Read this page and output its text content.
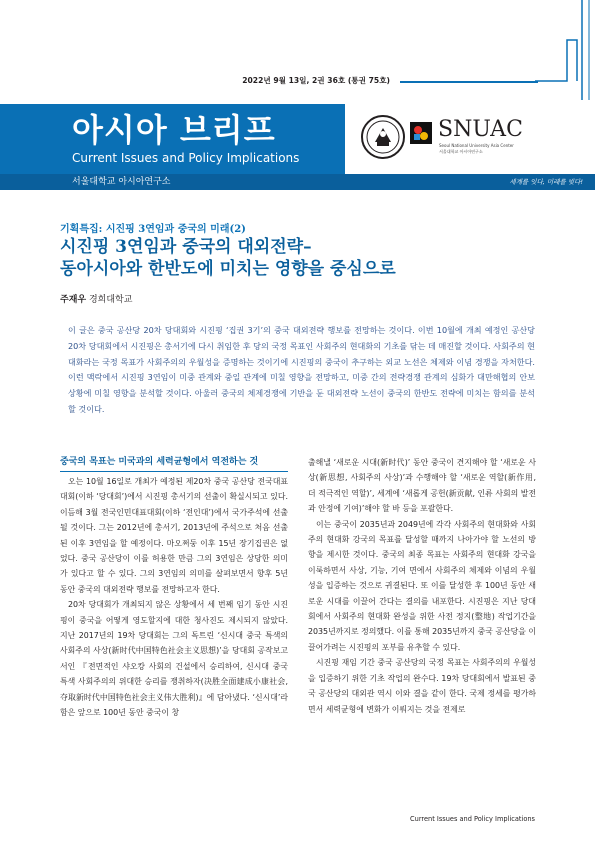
2022년 9월 13일, 2권 36호 (통권 75호)
아시아 브리프
Current Issues and Policy Implications
SNUAC
Seoul National University Asia Center
서울대학교 아시아연구소
서울대학교 아시아연구소	세계를 잇다, 미래를 빚다!
기획특집: 시진핑 3연임과 중국의 미래(2)
시진핑 3연임과 중국의 대외전략–
동아시아와 한반도에 미치는 영향을 중심으로
주재우 경희대학교
이 글은 중국 공산당 20차 당대회와 시진핑 ‘집권 3기’의 중국 대외전략 행보를 전망하는 것이다. 이번 10월에 개최 예정인 공산당 20차 당대회에서 시진핑은 총서기에 다시 취임한 후 당의 국정 목표인 사회주의 현대화의 기초를 닦는 데 매진할 것이다. 사회주의 현대화라는 국정 목표가 사회주의의 우월성을 증명하는 것이기에 시진핑의 중국이 추구하는 외교 노선은 체제와 이념 경쟁을 자처한다. 이런 맥락에서 시진핑 3연임이 미중 관계와 중일 관계에 미칠 영향을 전망하고, 미중 간의 전략경쟁 관계의 심화가 대만해협의 안보 상황에 미칠 영향을 분석할 것이다. 아울러 중국의 체제경쟁에 기반을 둔 대외전략 노선이 중국의 한반도 전략에 미치는 함의를 분석할 것이다.
중국의 목표는 미국과의 세력균형에서 역전하는 것

오는 10월 16일로 개최가 예정된 제20차 중국 공산당 전국대표대회(이하 ‘당대회’)에서 시진핑 총서기의 선출이 확실시되고 있다. 이듬해 3월 전국인민대표대회(이하 ‘전인대’)에서 국가주석에 선출될 것이다. 그는 2012년에 총서기, 2013년에 주석으로 처음 선출된 이후 3연임을 할 예정이다. 마오쩌둥 이후 15년 장기집권은 없었다. 중국 공산당이 이를 허용한 만큼 그의 3연임은 상당한 의미가 있다고 할 수 있다. 그의 3연임의 의미를 살펴보면서 향후 5년 동안 중국의 대외전략 행보를 전망하고자 한다.

20차 당대회가 개최되지 않은 상황에서 세 번째 임기 동안 시진핑이 중국을 어떻게 영도할지에 대한 청사진도 제시되지 않았다. 지난 2017년의 19차 당대회는 그의 독트린 ‘신시대 중국 특색의 사회주의 사상(新时代中国特色社会主义思想)’을 당대회 공작보고서인 『전면적인 샤오캉 사회의 건설에서 승리하여, 신시대 중국 특색 사회주의의 위대한 승리를 쟁취하자(决胜全面建成小康社会, 夺取新时代中国特色社会主义伟大胜利)』에 담아냈다. ‘신시대’라 함은 앞으로 100년 동안 중국이 창

출해낼 ‘새로운 시대(新时代)’ 동안 중국이 견지해야 할 ‘새로운 사상(新思想, 사회주의 사상)’과 수행해야 할 ‘새로운 역할(新作用, 더 적극적인 역할)’, 세계에 ‘새롭게 공헌(新贡献, 인류 사회의 발전과 안정에 기여)’해야 할 바 등을 포괄한다.

이는 중국이 2035년과 2049년에 각각 사회주의 현대화와 사회주의 현대화 강국의 목표를 달성할 때까지 나아가야 할 노선의 방향을 제시한 것이다. 중국의 최종 목표는 사회주의 현대화 강국을 이룩하면서 사상, 기능, 기여 면에서 사회주의 체제와 이념의 우월성을 입증하는 것으로 귀결된다. 또 이를 달성한 후 100년 동안 새로운 시대를 이끌어 간다는 결의를 내포한다. 시진핑은 지난 당대회에서 사회주의 현대화 완성을 위한 사전 정지(整地) 작업기간을 2035년까지로 정의했다. 이를 통해 2035년까지 중국 공산당을 이끌어가려는 시진핑의 포부를 유추할 수 있다.

시진핑 재임 기간 중국 공산당의 국정 목표는 사회주의의 우월성을 입증하기 위한 기초 작업의 완수다. 19차 당대회에서 발표된 중국 공산당의 대외관 역시 이와 결을 같이 한다. 국제 정세를 평가하면서 세력균형에 변화가 이뤄지는 것을 전제로

Current Issues and Policy Implications
